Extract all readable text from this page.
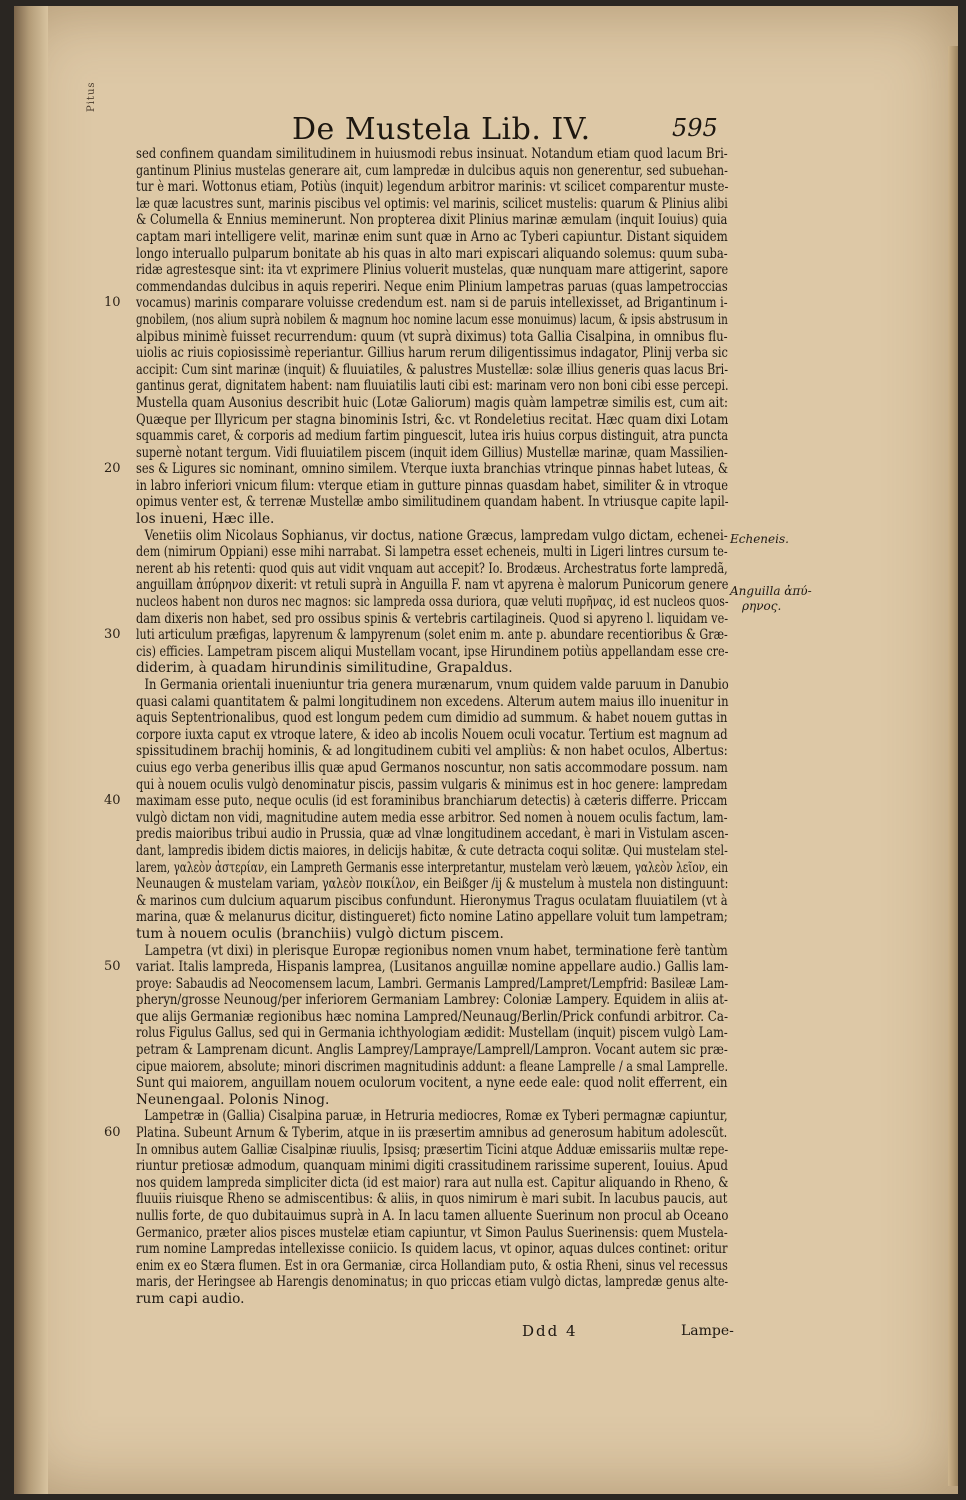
Pitus
De Mustela Lib. IV.	595
sed confinem quandam similitudinem in huiusmodi rebus insinuat. Notandum etiam quod lacum Bri-
gantinum Plinius mustelas generare ait, cum lampredæ in dulcibus aquis non generentur, sed subuehan-
tur è mari. Wottonus etiam, Potiùs (inquit) legendum arbitror marinis: vt scilicet comparentur muste-
læ quæ lacustres sunt, marinis piscibus vel optimis: vel marinis, scilicet mustelis: quarum & Plinius alibi
& Columella & Ennius meminerunt. Non propterea dixit Plinius marinæ æmulam (inquit Iouius) quia
captam mari intelligere velit, marinæ enim sunt quæ in Arno ac Tyberi capiuntur. Distant siquidem
longo interuallo pulparum bonitate ab his quas in alto mari expiscari aliquando solemus: quum suba-
ridæ agrestesque sint: ita vt exprimere Plinius voluerit mustelas, quæ nunquam mare attigerint, sapore
commendandas dulcibus in aquis reperiri. Neque enim Plinium lampetras paruas (quas lampetroccias
vocamus) marinis comparare voluisse credendum est. nam si de paruis intellexisset, ad Brigantinum i-
gnobilem, (nos alium suprà nobilem & magnum hoc nomine lacum esse monuimus) lacum, & ipsis abstrusum in
alpibus minimè fuisset recurrendum: quum (vt suprà diximus) tota Gallia Cisalpina, in omnibus flu-
uiolis ac riuis copiosissimè reperiantur. Gillius harum rerum diligentissimus indagator, Plinij verba sic
accipit: Cum sint marinæ (inquit) & fluuiatiles, & palustres Mustellæ: solæ illius generis quas lacus Bri-
gantinus gerat, dignitatem habent: nam fluuiatilis lauti cibi est: marinam vero non boni cibi esse percepi.
Mustella quam Ausonius describit huic (Lotæ Galiorum) magis quàm lampetræ similis est, cum ait:
Quæque per Illyricum per stagna binominis Istri, &c. vt Rondeletius recitat. Hæc quam dixi Lotam
squammis caret, & corporis ad medium fartim pinguescit, lutea iris huius corpus distinguit, atra puncta
supernè notant tergum. Vidi fluuiatilem piscem (inquit idem Gillius) Mustellæ marinæ, quam Massilien-
ses & Ligures sic nominant, omnino similem. Vterque iuxta branchias vtrinque pinnas habet luteas, &
in labro inferiori vnicum filum: vterque etiam in gutture pinnas quasdam habet, similiter & in vtroque
opimus venter est, & terrenæ Mustellæ ambo similitudinem quandam habent. In vtriusque capite lapil-
los inueni, Hæc ille.
Venetiis olim Nicolaus Sophianus, vir doctus, natione Græcus, lampredam vulgo dictam, echenei-
dem (nimirum Oppiani) esse mihi narrabat. Si lampetra esset echeneis, multi in Ligeri lintres cursum te-
nerent ab his retenti: quod quis aut vidit vnquam aut accepit? Io. Brodæus. Archestratus forte lampredã,
anguillam ἀπύρηνον dixerit: vt retuli suprà in Anguilla F. nam vt apyrena è malorum Punicorum genere
nucleos habent non duros nec magnos: sic lampreda ossa duriora, quæ veluti πυρῆνας, id est nucleos quos-
dam dixeris non habet, sed pro ossibus spinis & vertebris cartilagineis. Quod si apyreno l. liquidam ve-
luti articulum præfigas, lapyrenum & lampyrenum (solet enim m. ante p. abundare recentioribus & Græ-
cis) efficies. Lampetram piscem aliqui Mustellam vocant, ipse Hirundinem potiùs appellandam esse cre-
diderim, à quadam hirundinis similitudine, Grapaldus.
In Germania orientali inueniuntur tria genera murænarum, vnum quidem valde paruum in Danubio
quasi calami quantitatem & palmi longitudinem non excedens. Alterum autem maius illo inuenitur in
aquis Septentrionalibus, quod est longum pedem cum dimidio ad summum. & habet nouem guttas in
corpore iuxta caput ex vtroque latere, & ideo ab incolis Nouem oculi vocatur. Tertium est magnum ad
spissitudinem brachij hominis, & ad longitudinem cubiti vel ampliùs: & non habet oculos, Albertus:
cuius ego verba generibus illis quæ apud Germanos noscuntur, non satis accommodare possum. nam
qui à nouem oculis vulgò denominatur piscis, passim vulgaris & minimus est in hoc genere: lampredam
maximam esse puto, neque oculis (id est foraminibus branchiarum detectis) à cæteris differre. Priccam
vulgò dictam non vidi, magnitudine autem media esse arbitror. Sed nomen à nouem oculis factum, lam-
predis maioribus tribui audio in Prussia, quæ ad vlnæ longitudinem accedant, è mari in Vistulam ascen-
dant, lampredis ibidem dictis maiores, in delicijs habitæ, & cute detracta coqui solitæ. Qui mustelam stel-
larem, γαλεὸν ἀστερίαν, ein Lampreth Germanis esse interpretantur, mustelam verò læuem, γαλεὸν λεῖον, ein
Neunaugen & mustelam variam, γαλεὸν ποικίλον, ein Beißger /ij & mustelum à mustela non distinguunt:
& marinos cum dulcium aquarum piscibus confundunt. Hieronymus Tragus oculatam fluuiatilem (vt à
marina, quæ & melanurus dicitur, distingueret) ficto nomine Latino appellare voluit tum lampetram;
tum à nouem oculis (branchiis) vulgò dictum piscem.
Lampetra (vt dixi) in plerisque Europæ regionibus nomen vnum habet, terminatione ferè tantùm
variat. Italis lampreda, Hispanis lamprea, (Lusitanos anguillæ nomine appellare audio.) Gallis lam-
proye: Sabaudis ad Neocomensem lacum, Lambri. Germanis Lampred/Lampret/Lempfrid: Basileæ Lam-
pheryn/grosse Neunoug/per inferiorem Germaniam Lambrey: Coloniæ Lampery. Equidem in aliis at-
que alijs Germaniæ regionibus hæc nomina Lampred/Neunaug/Berlin/Prick confundi arbitror. Ca-
rolus Figulus Gallus, sed qui in Germania ichthyologiam ædidit: Mustellam (inquit) piscem vulgò Lam-
petram & Lamprenam dicunt. Anglis Lamprey/Lampraye/Lamprell/Lampron. Vocant autem sic præ-
cipue maiorem, absolute; minori discrimen magnitudinis addunt: a fleane Lamprelle / a smal Lamprelle.
Sunt qui maiorem, anguillam nouem oculorum vocitent, a nyne eede eale: quod nolit efferrent, ein
Neunengaal. Polonis Ninog.
Lampetræ in (Gallia) Cisalpina paruæ, in Hetruria mediocres, Romæ ex Tyberi permagnæ capiuntur,
Platina. Subeunt Arnum & Tyberim, atque in iis præsertim amnibus ad generosum habitum adolescũt.
In omnibus autem Galliæ Cisalpinæ riuulis, Ipsisq; præsertim Ticini atque Adduæ emissariis multæ repe-
riuntur pretiosæ admodum, quanquam minimi digiti crassitudinem rarissime superent, Iouius. Apud
nos quidem lampreda simpliciter dicta (id est maior) rara aut nulla est. Capitur aliquando in Rheno, &
fluuiis riuisque Rheno se admiscentibus: & aliis, in quos nimirum è mari subit. In lacubus paucis, aut
nullis forte, de quo dubitauimus suprà in A. In lacu tamen alluente Suerinum non procul ab Oceano
Germanico, præter alios pisces mustelæ etiam capiuntur, vt Simon Paulus Suerinensis: quem Mustela-
rum nomine Lampredas intellexisse coniicio. Is quidem lacus, vt opinor, aquas dulces continet: oritur
enim ex eo Stæra flumen. Est in ora Germaniæ, circa Hollandiam puto, & ostia Rheni, sinus vel recessus
maris, der Heringsee ab Harengis denominatus; in quo priccas etiam vulgò dictas, lampredæ genus alte-
rum capi audio.
10
20
30
40
50
60
Echeneis.
Anguilla ἀπύ-
ρηνος.
Ddd 4	Lampe-
